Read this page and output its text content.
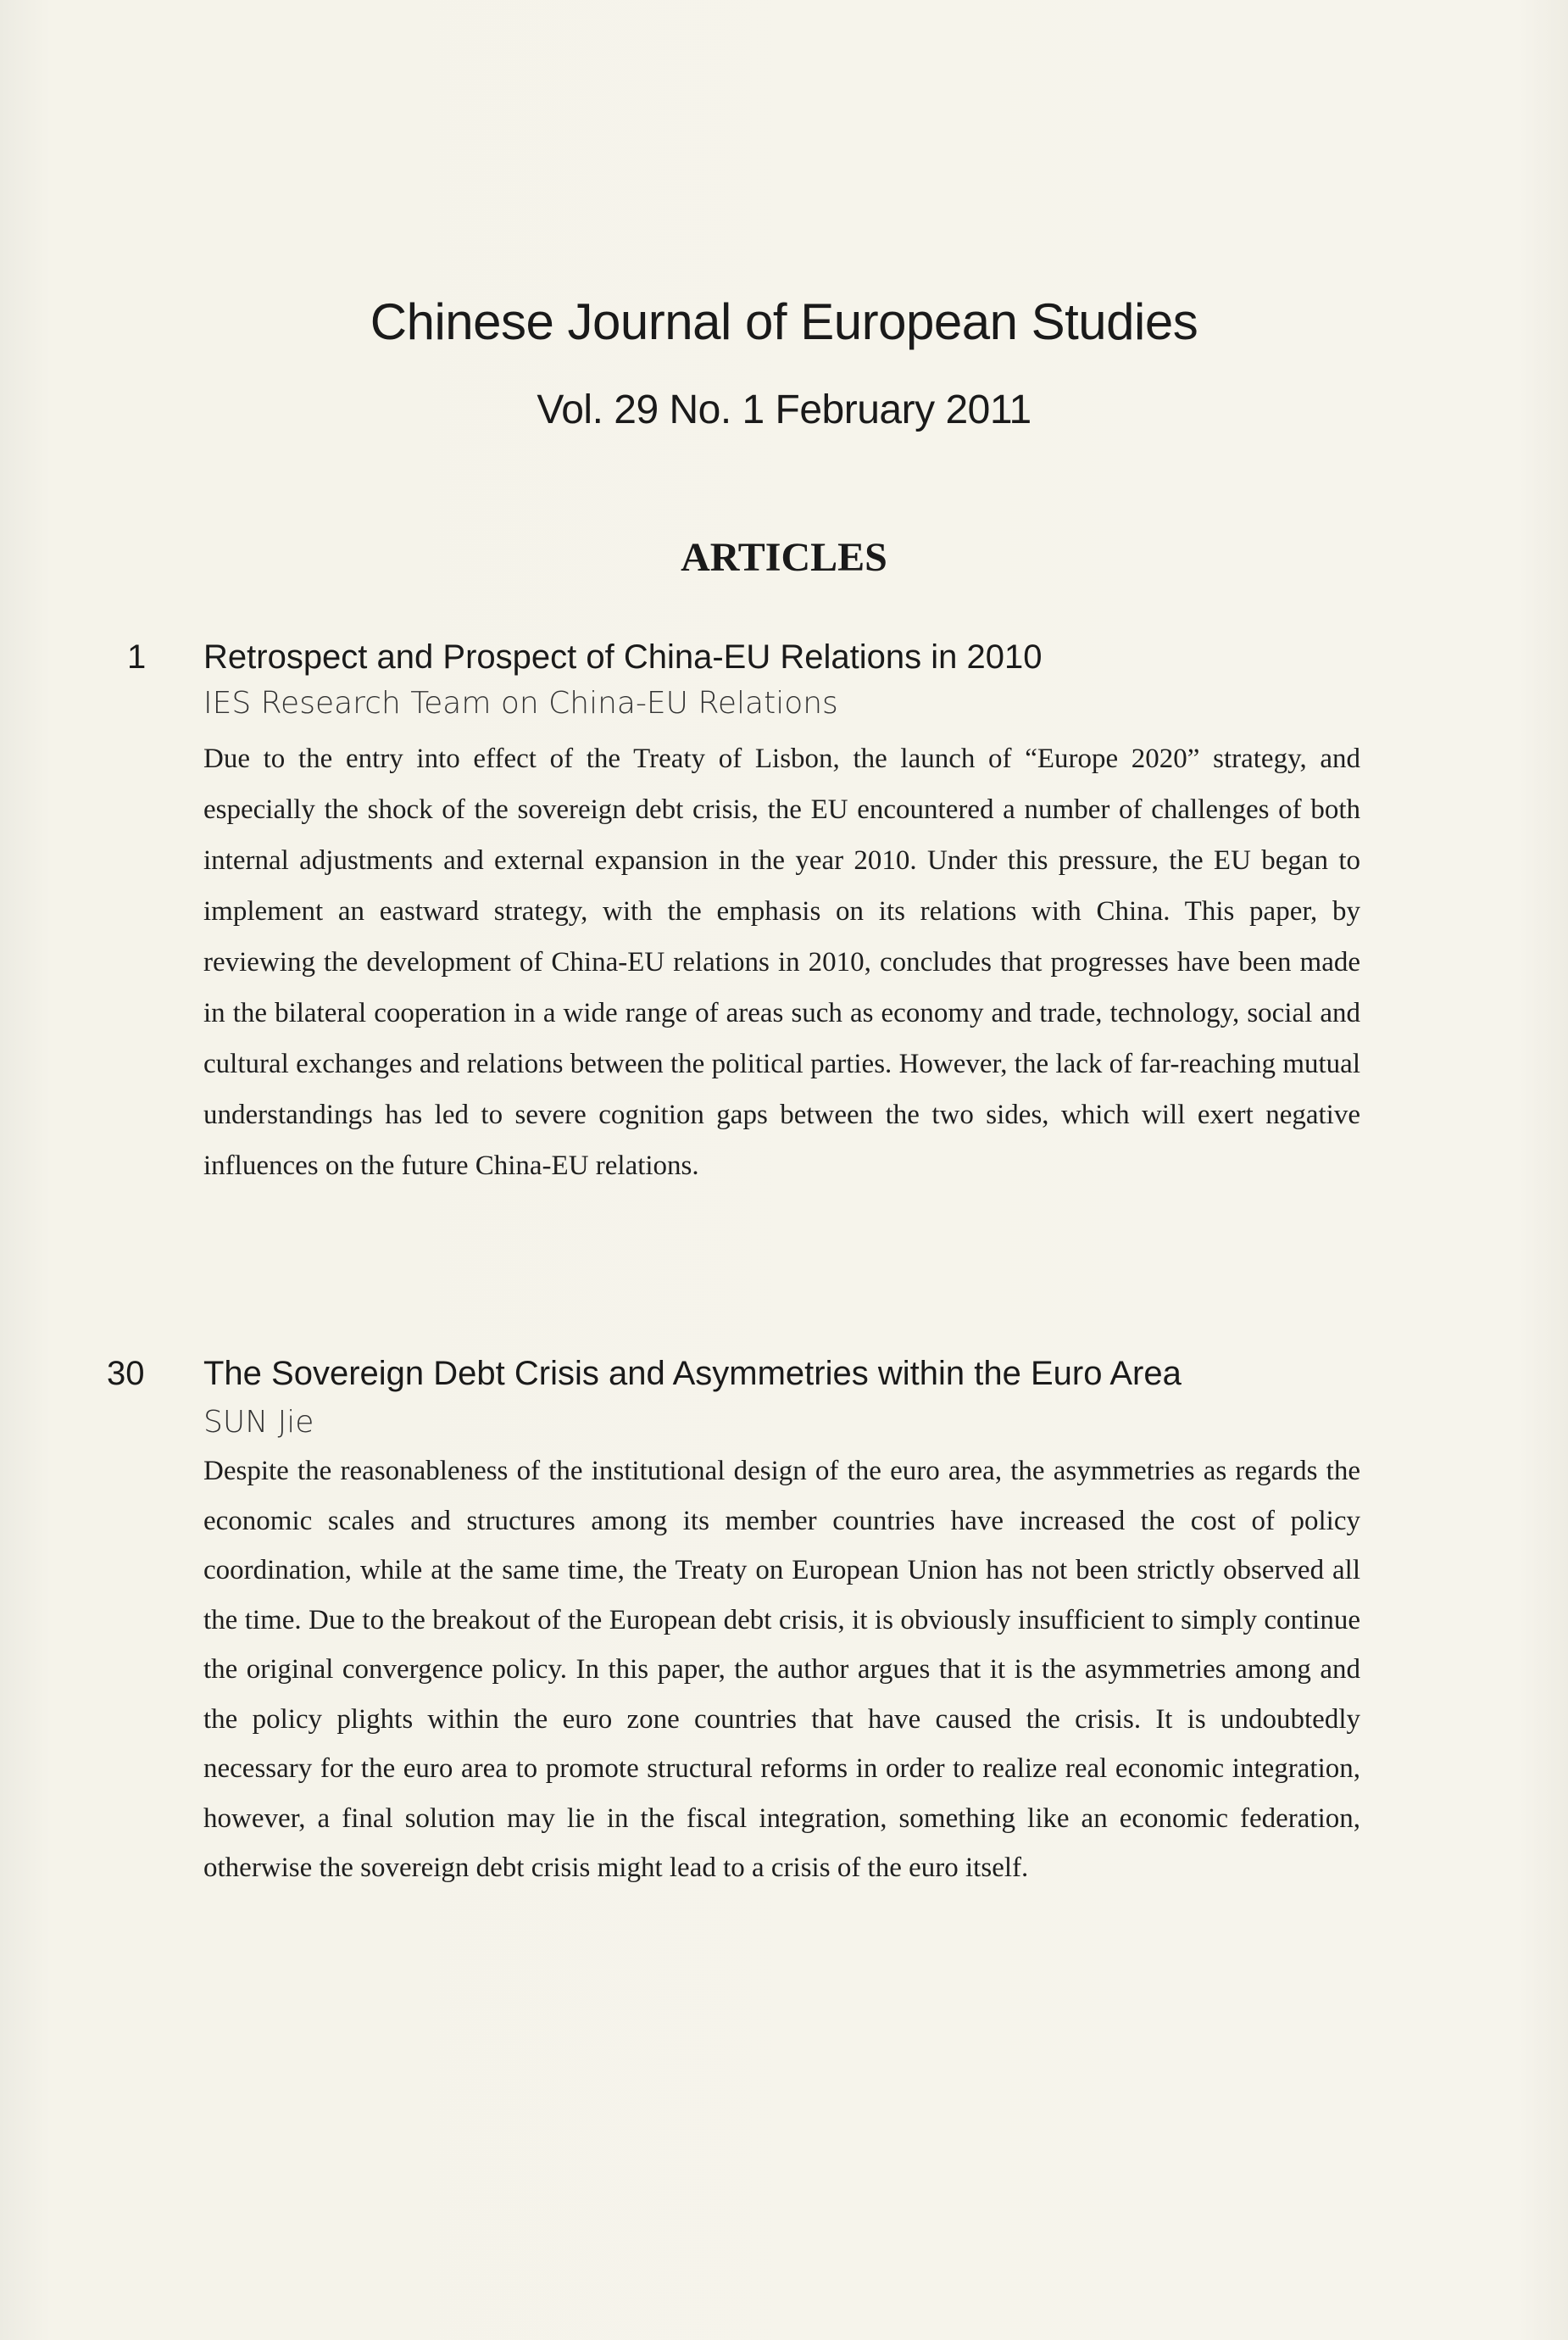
Chinese Journal of European Studies
Vol. 29 No. 1 February 2011
ARTICLES
1 Retrospect and Prospect of China-EU Relations in 2010
IES Research Team on China-EU Relations

Due to the entry into effect of the Treaty of Lisbon, the launch of “Europe 2020” strategy, and especially the shock of the sovereign debt crisis, the EU encountered a number of challenges of both internal adjustments and external expansion in the year 2010. Under this pressure, the EU began to implement an eastward strategy, with the emphasis on its relations with China. This paper, by reviewing the development of China-EU relations in 2010, concludes that progresses have been made in the bilateral cooperation in a wide range of areas such as economy and trade, technology, social and cultural exchanges and relations between the political parties. However, the lack of far-reaching mutual understandings has led to severe cognition gaps between the two sides, which will exert negative influences on the future China-EU relations.

30 The Sovereign Debt Crisis and Asymmetries within the Euro Area
SUN Jie

Despite the reasonableness of the institutional design of the euro area, the asymmetries as regards the economic scales and structures among its member countries have increased the cost of policy coordination, while at the same time, the Treaty on European Union has not been strictly observed all the time. Due to the breakout of the European debt crisis, it is obviously insufficient to simply continue the original convergence policy. In this paper, the author argues that it is the asymmetries among and the policy plights within the euro zone countries that have caused the crisis. It is undoubtedly necessary for the euro area to promote structural reforms in order to realize real economic integration, however, a final solution may lie in the fiscal integration, something like an economic federation, otherwise the sovereign debt crisis might lead to a crisis of the euro itself.
